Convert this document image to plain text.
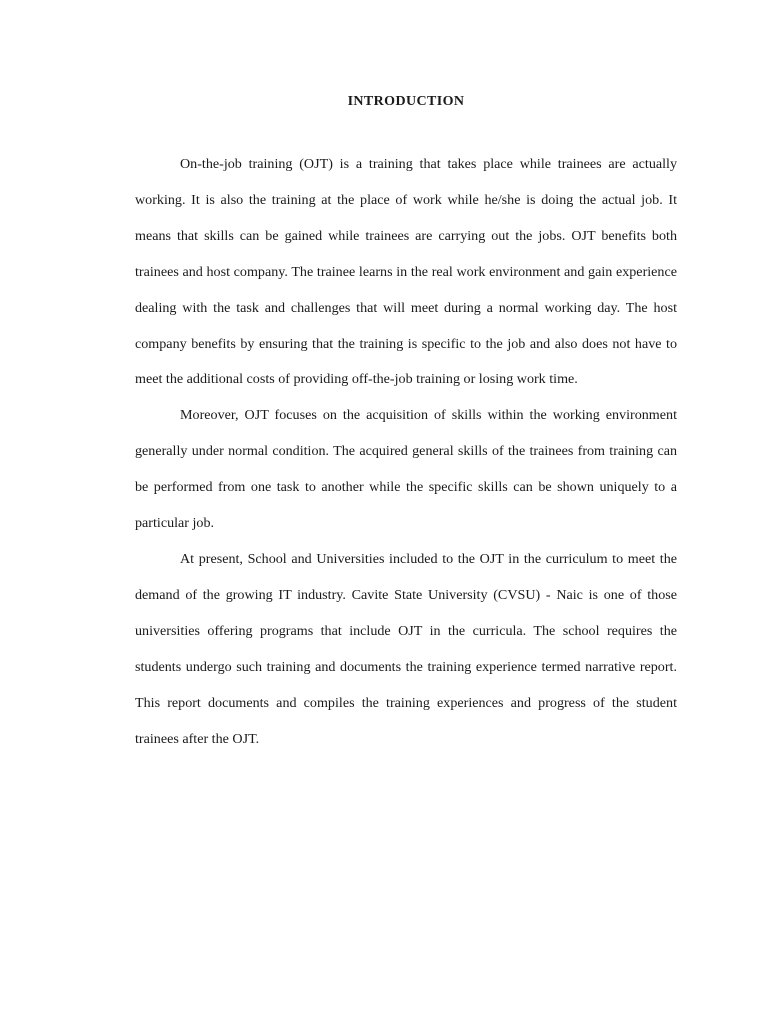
INTRODUCTION

On-the-job training (OJT) is a training that takes place while trainees are actually working. It is also the training at the place of work while he/she is doing the actual job. It means that skills can be gained while trainees are carrying out the jobs. OJT benefits both trainees and host company. The trainee learns in the real work environment and gain experience dealing with the task and challenges that will meet during a normal working day. The host company benefits by ensuring that the training is specific to the job and also does not have to meet the additional costs of providing off-the-job training or losing work time.

Moreover, OJT focuses on the acquisition of skills within the working environment generally under normal condition. The acquired general skills of the trainees from training can be performed from one task to another while the specific skills can be shown uniquely to a particular job.

At present, School and Universities included to the OJT in the curriculum to meet the demand of the growing IT industry. Cavite State University (CVSU) - Naic is one of those universities offering programs that include OJT in the curricula. The school requires the students undergo such training and documents the training experience termed narrative report. This report documents and compiles the training experiences and progress of the student trainees after the OJT.
